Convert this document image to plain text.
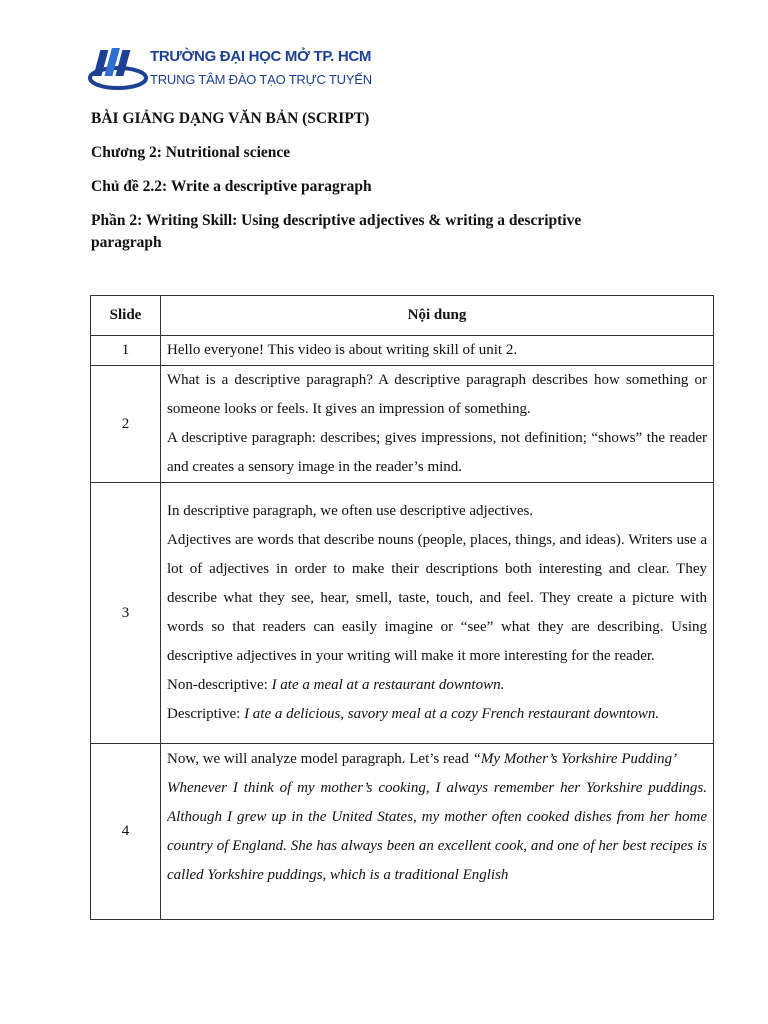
TRƯỜNG ĐẠI HỌC MỞ TP. HCM
TRUNG TÂM ĐÀO TẠO TRỰC TUYẾN

BÀI GIẢNG DẠNG VĂN BẢN (SCRIPT)

Chương 2: Nutritional science

Chủ đề 2.2: Write a descriptive paragraph

Phần 2: Writing Skill: Using descriptive adjectives & writing a descriptive paragraph

Slide	Nội dung
1	Hello everyone! This video is about writing skill of unit 2.

2	What is a descriptive paragraph? A descriptive paragraph describes how something or someone looks or feels. It gives an impression of something.

A descriptive paragraph: describes; gives impressions, not definition; “shows” the reader and creates a sensory image in the reader’s mind.

3	In descriptive paragraph, we often use descriptive adjectives.

Adjectives are words that describe nouns (people, places, things, and ideas). Writers use a lot of adjectives in order to make their descriptions both interesting and clear. They describe what they see, hear, smell, taste, touch, and feel. They create a picture with words so that readers can easily imagine or “see” what they are describing. Using descriptive adjectives in your writing will make it more interesting for the reader.

Non-descriptive: I ate a meal at a restaurant downtown.

Descriptive: I ate a delicious, savory meal at a cozy French restaurant downtown.

4	Now, we will analyze model paragraph. Let’s read “My Mother’s Yorkshire Pudding’

Whenever I think of my mother’s cooking, I always remember her Yorkshire puddings. Although I grew up in the United States, my mother often cooked dishes from her home country of England. She has always been an excellent cook, and one of her best recipes is called Yorkshire puddings, which is a traditional English
